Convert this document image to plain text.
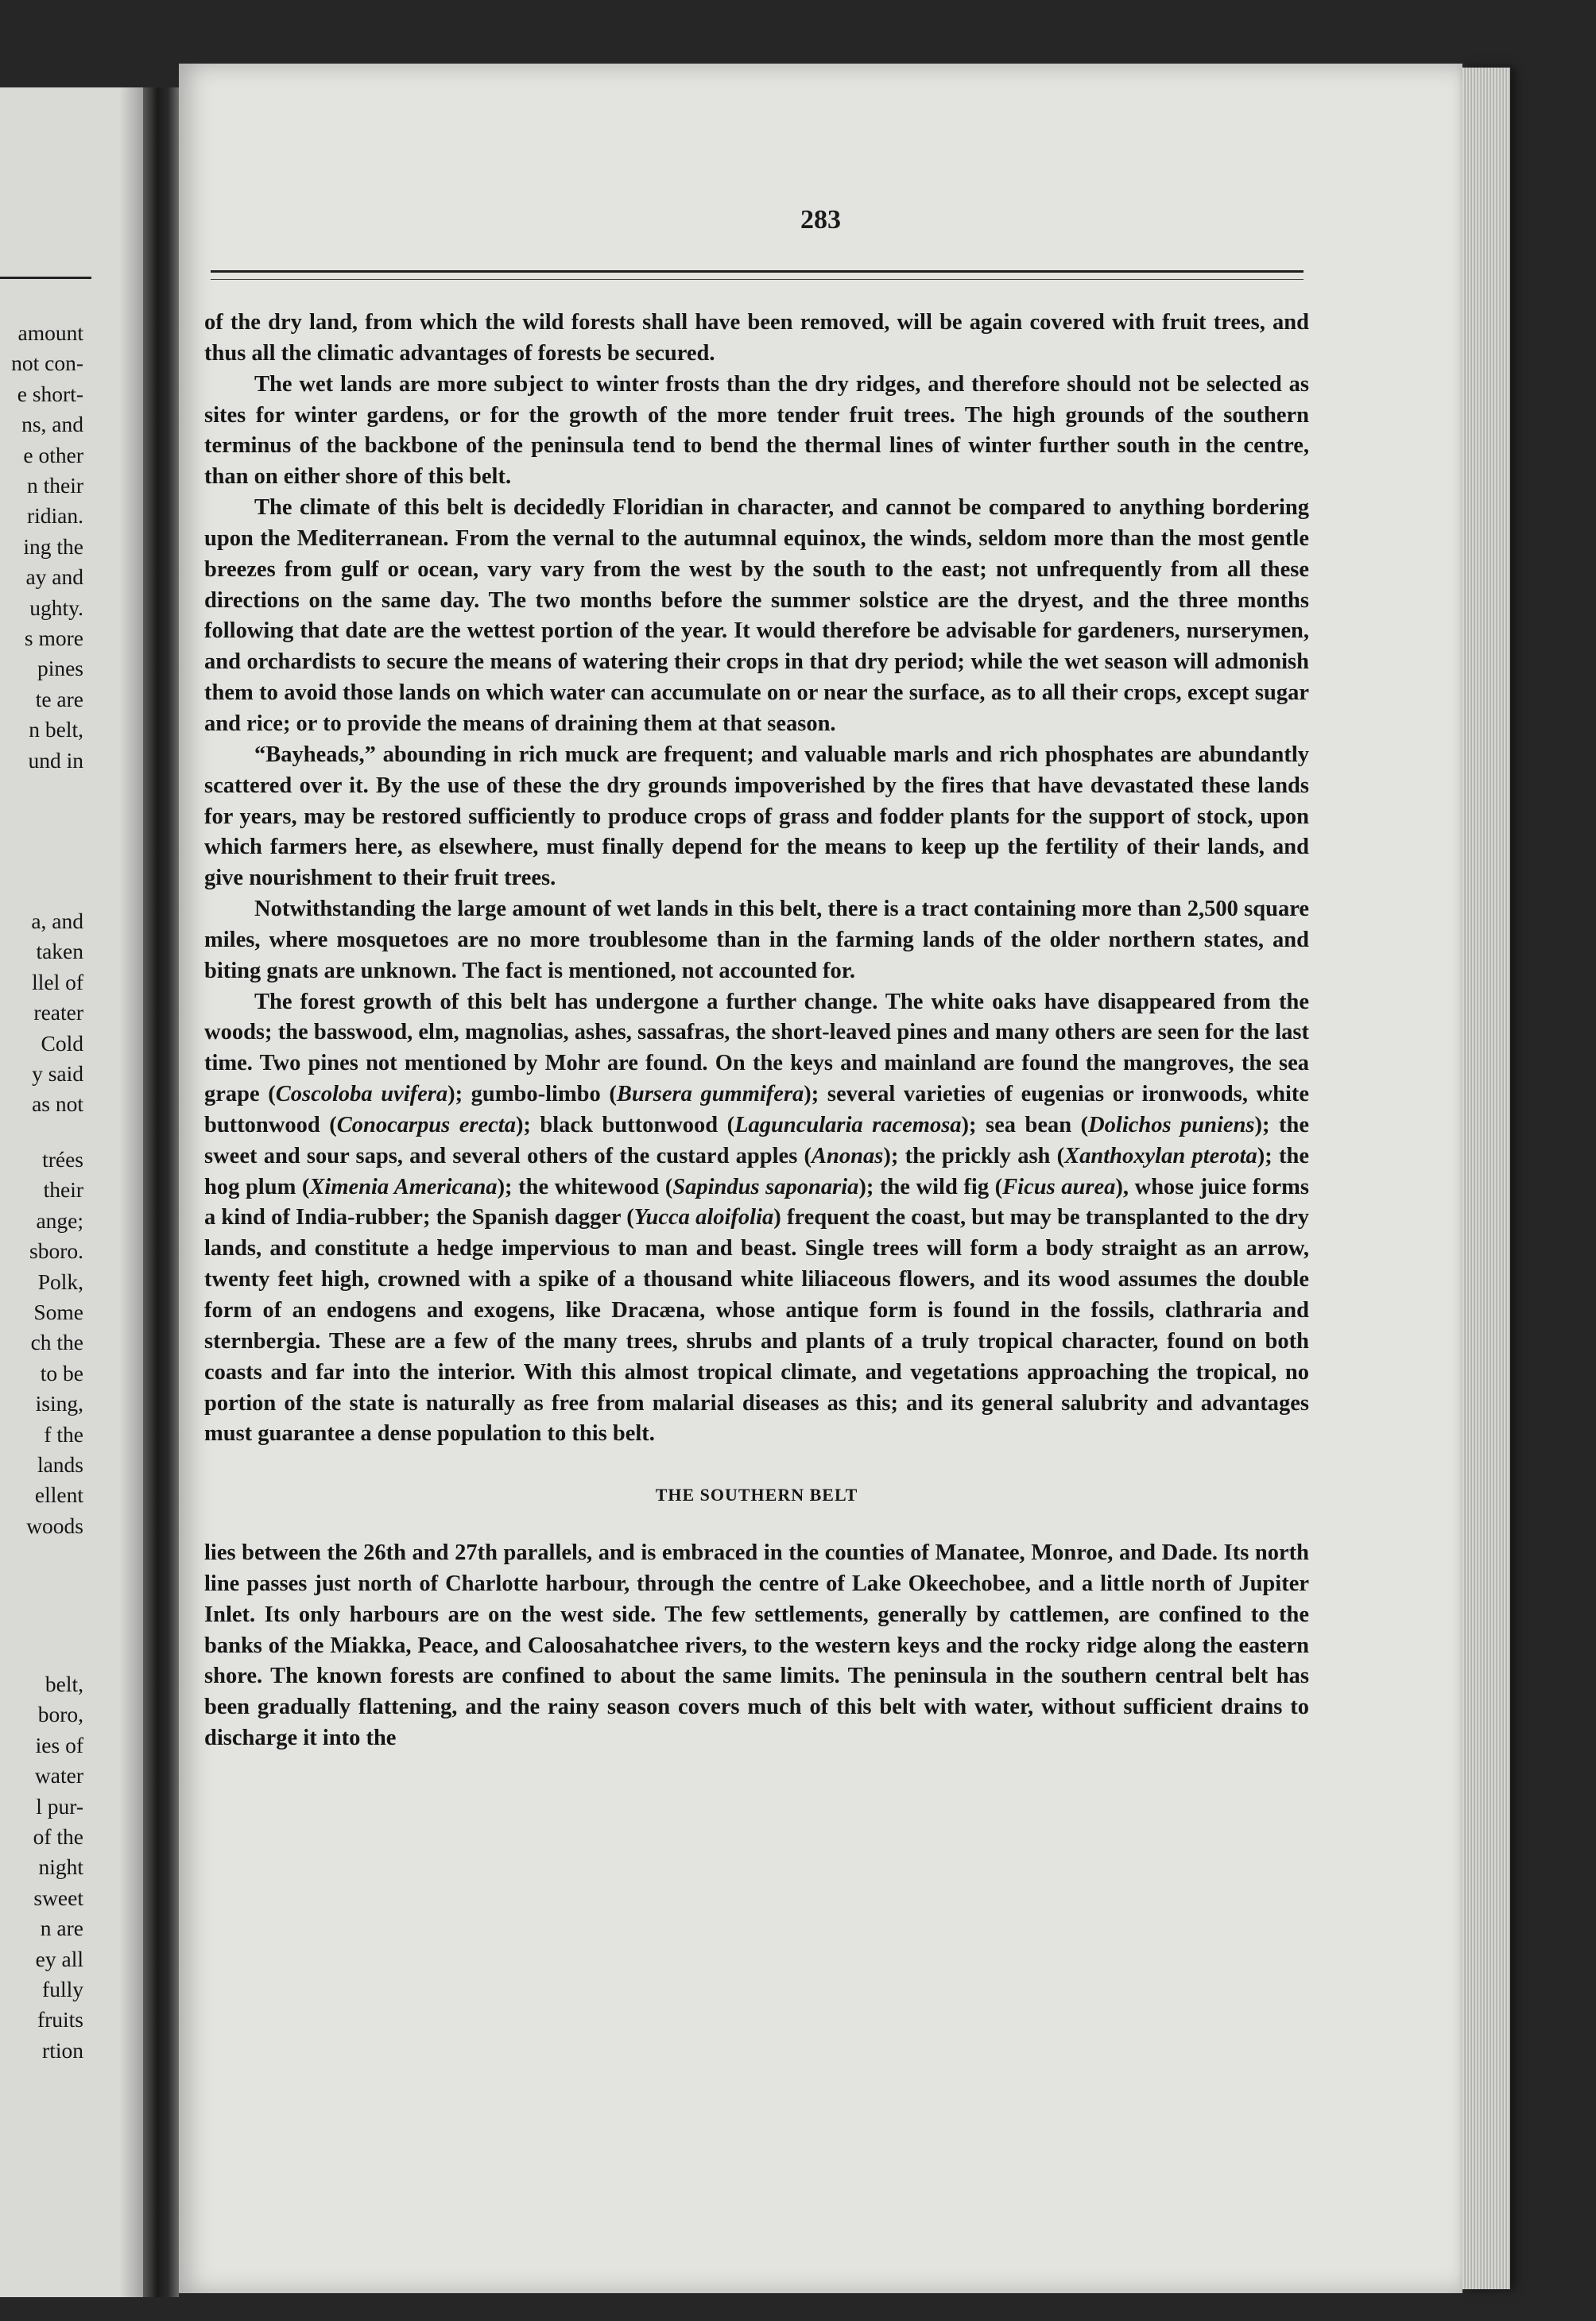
amount
not con-
e short-
ns, and
e other
n their
ridian.
ing the
ay and
ughty.
s more
pines
te are
n belt,
und in
a, and
taken
llel of
reater
Cold
y said
as not
trées
their
ange;
sboro.
Polk,
Some
ch the
to be
ising,
f the
lands
ellent
woods
belt,
boro,
ies of
water
l pur-
of the
night
sweet
n are
ey all
fully
fruits
rtion
283

of the dry land, from which the wild forests shall have been removed, will be again covered with fruit trees, and thus all the climatic advantages of forests be secured.

The wet lands are more subject to winter frosts than the dry ridges, and therefore should not be selected as sites for winter gardens, or for the growth of the more tender fruit trees. The high grounds of the southern terminus of the backbone of the peninsula tend to bend the thermal lines of winter further south in the centre, than on either shore of this belt.

The climate of this belt is decidedly Floridian in character, and cannot be compared to anything bordering upon the Mediterranean. From the vernal to the autumnal equinox, the winds, seldom more than the most gentle breezes from gulf or ocean, vary vary from the west by the south to the east; not unfrequently from all these directions on the same day. The two months before the summer solstice are the dryest, and the three months following that date are the wettest portion of the year. It would therefore be advisable for gardeners, nurserymen, and orchardists to secure the means of watering their crops in that dry period; while the wet season will admonish them to avoid those lands on which water can accumulate on or near the surface, as to all their crops, except sugar and rice; or to provide the means of draining them at that season.

“Bayheads,” abounding in rich muck are frequent; and valuable marls and rich phosphates are abundantly scattered over it. By the use of these the dry grounds impoverished by the fires that have devastated these lands for years, may be restored sufficiently to produce crops of grass and fodder plants for the support of stock, upon which farmers here, as elsewhere, must finally depend for the means to keep up the fertility of their lands, and give nourishment to their fruit trees.

Notwithstanding the large amount of wet lands in this belt, there is a tract containing more than 2,500 square miles, where mosquetoes are no more troublesome than in the farming lands of the older northern states, and biting gnats are unknown. The fact is mentioned, not accounted for.

The forest growth of this belt has undergone a further change. The white oaks have disappeared from the woods; the basswood, elm, magnolias, ashes, sassafras, the short-leaved pines and many others are seen for the last time. Two pines not mentioned by Mohr are found. On the keys and mainland are found the mangroves, the sea grape (Coscoloba uvifera); gumbo-limbo (Bursera gummifera); several varieties of eugenias or ironwoods, white buttonwood (Conocarpus erecta); black buttonwood (Laguncularia racemosa); sea bean (Dolichos puniens); the sweet and sour saps, and several others of the custard apples (Anonas); the prickly ash (Xanthoxylan pterota); the hog plum (Ximenia Americana); the whitewood (Sapindus saponaria); the wild fig (Ficus aurea), whose juice forms a kind of India-rubber; the Spanish dagger (Yucca aloifolia) frequent the coast, but may be transplanted to the dry lands, and constitute a hedge impervious to man and beast. Single trees will form a body straight as an arrow, twenty feet high, crowned with a spike of a thousand white liliaceous flowers, and its wood assumes the double form of an endogens and exogens, like Dracæna, whose antique form is found in the fossils, clathraria and sternbergia. These are a few of the many trees, shrubs and plants of a truly tropical character, found on both coasts and far into the interior. With this almost tropical climate, and vegetations approaching the tropical, no portion of the state is naturally as free from malarial diseases as this; and its general salubrity and advantages must guarantee a dense population to this belt.

THE SOUTHERN BELT

lies between the 26th and 27th parallels, and is embraced in the counties of Manatee, Monroe, and Dade. Its north line passes just north of Charlotte harbour, through the centre of Lake Okeechobee, and a little north of Jupiter Inlet. Its only harbours are on the west side. The few settlements, generally by cattlemen, are confined to the banks of the Miakka, Peace, and Caloosahatchee rivers, to the western keys and the rocky ridge along the eastern shore. The known forests are confined to about the same limits. The peninsula in the southern central belt has been gradually flattening, and the rainy season covers much of this belt with water, without sufficient drains to discharge it into the
